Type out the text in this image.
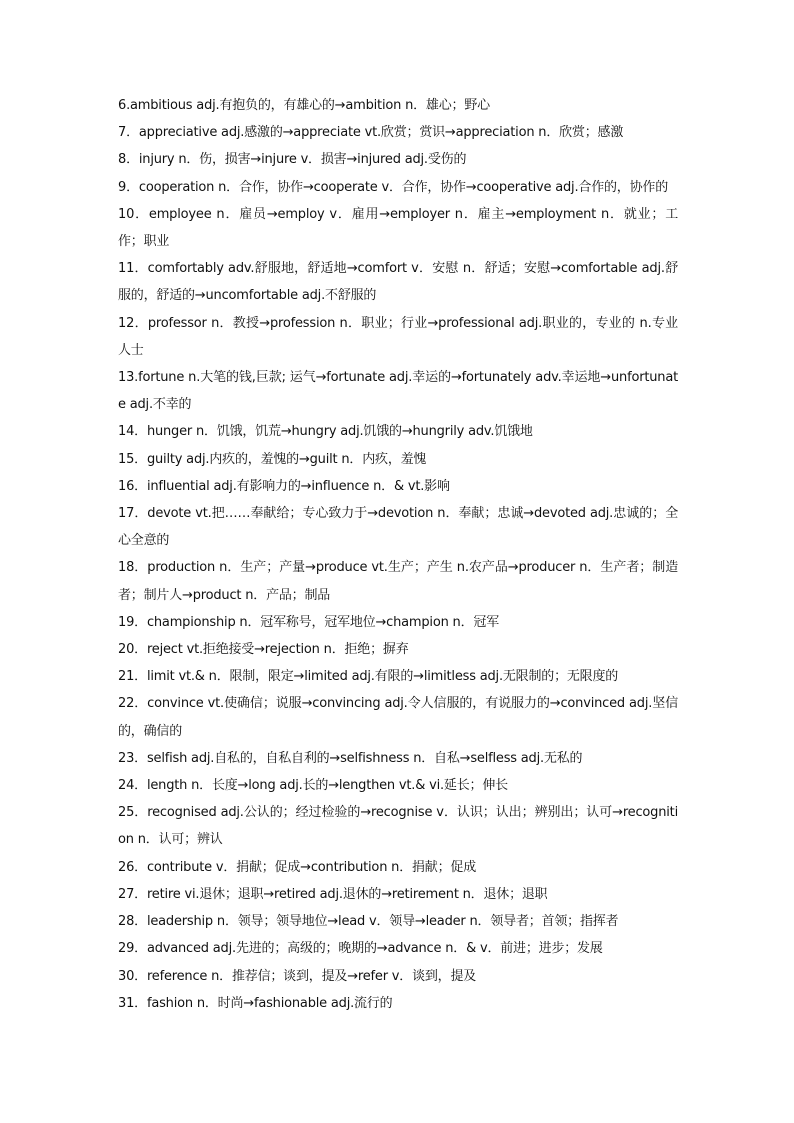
6.ambitious adj.有抱负的，有雄心的→ambition n．雄心；野心
7．appreciative adj.感激的→appreciate vt.欣赏；赏识→appreciation n．欣赏；感激
8．injury n．伤，损害→injure v．损害→injured adj.受伤的
9．cooperation n．合作，协作→cooperate v．合作，协作→cooperative adj.合作的，协作的
10．employee n．雇员→employ v．雇用→employer n．雇主→employment n．就业；工作；职业
11．comfortably adv.舒服地，舒适地→comfort v．安慰 n．舒适；安慰→comfortable adj.舒服的，舒适的→uncomfortable adj.不舒服的
12．professor n．教授→profession n．职业；行业→professional adj.职业的，专业的 n.专业人士
13.fortune n.大笔的钱,巨款; 运气→fortunate adj.幸运的→fortunately adv.幸运地→unfortunate adj.不幸的
14．hunger n．饥饿，饥荒→hungry adj.饥饿的→hungrily adv.饥饿地
15．guilty adj.内疚的，羞愧的→guilt n．内疚，羞愧
16．influential adj.有影响力的→influence n．& vt.影响
17．devote vt.把……奉献给；专心致力于→devotion n．奉献；忠诚→devoted adj.忠诚的；全心全意的
18．production n．生产；产量→produce vt.生产；产生 n.农产品→producer n．生产者；制造者；制片人→product n．产品；制品
19．championship n．冠军称号，冠军地位→champion n．冠军
20．reject vt.拒绝接受→rejection n．拒绝；摒弃
21．limit vt.& n．限制，限定→limited adj.有限的→limitless adj.无限制的；无限度的
22．convince vt.使确信；说服→convincing adj.令人信服的，有说服力的→convinced adj.坚信的，确信的
23．selfish adj.自私的，自私自利的→selfishness n．自私→selfless adj.无私的
24．length n．长度→long adj.长的→lengthen vt.& vi.延长；伸长
25．recognised adj.公认的；经过检验的→recognise v．认识；认出；辨别出；认可→recognition n．认可；辨认
26．contribute v．捐献；促成→contribution n．捐献；促成
27．retire vi.退休；退职→retired adj.退休的→retirement n．退休；退职
28．leadership n．领导；领导地位→lead v．领导→leader n．领导者；首领；指挥者
29．advanced adj.先进的；高级的；晚期的→advance n．& v．前进；进步；发展
30．reference n．推荐信；谈到，提及→refer v．谈到，提及
31．fashion n．时尚→fashionable adj.流行的
